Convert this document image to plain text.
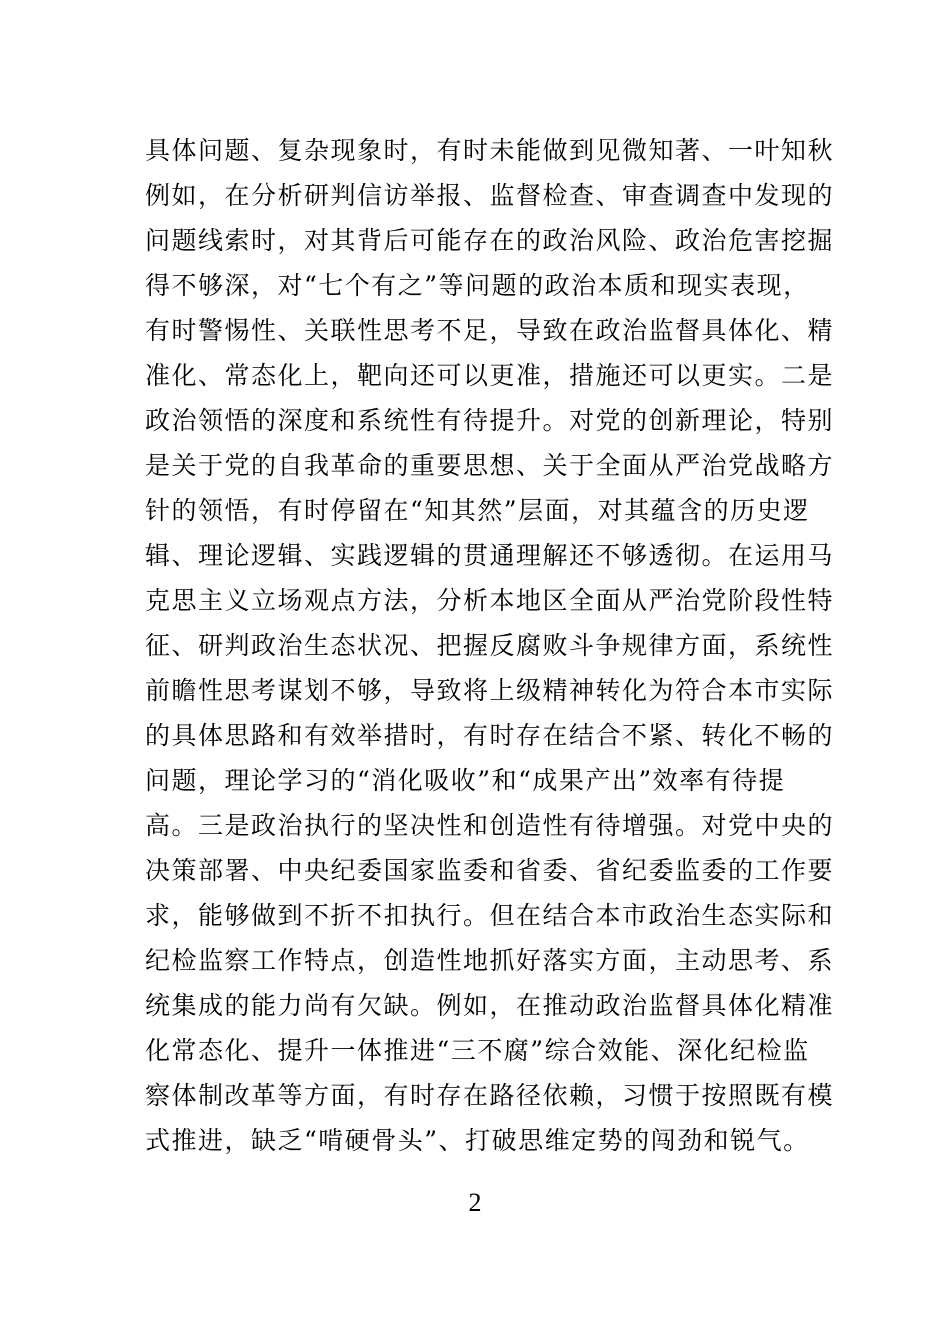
具体问题、复杂现象时，有时未能做到见微知著、一叶知秋
例如，在分析研判信访举报、监督检查、审查调查中发现的
问题线索时，对其背后可能存在的政治风险、政治危害挖掘
得不够深，对“七个有之”等问题的政治本质和现实表现，
有时警惕性、关联性思考不足，导致在政治监督具体化、精
准化、常态化上，靶向还可以更准，措施还可以更实。二是
政治领悟的深度和系统性有待提升。对党的创新理论，特别
是关于党的自我革命的重要思想、关于全面从严治党战略方
针的领悟，有时停留在“知其然”层面，对其蕴含的历史逻
辑、理论逻辑、实践逻辑的贯通理解还不够透彻。在运用马
克思主义立场观点方法，分析本地区全面从严治党阶段性特
征、研判政治生态状况、把握反腐败斗争规律方面，系统性
前瞻性思考谋划不够，导致将上级精神转化为符合本市实际
的具体思路和有效举措时，有时存在结合不紧、转化不畅的
问题，理论学习的“消化吸收”和“成果产出”效率有待提
高。三是政治执行的坚决性和创造性有待增强。对党中央的
决策部署、中央纪委国家监委和省委、省纪委监委的工作要
求，能够做到不折不扣执行。但在结合本市政治生态实际和
纪检监察工作特点，创造性地抓好落实方面，主动思考、系
统集成的能力尚有欠缺。例如，在推动政治监督具体化精准
化常态化、提升一体推进“三不腐”综合效能、深化纪检监
察体制改革等方面，有时存在路径依赖，习惯于按照既有模
式推进，缺乏“啃硬骨头”、打破思维定势的闯劲和锐气。
2
